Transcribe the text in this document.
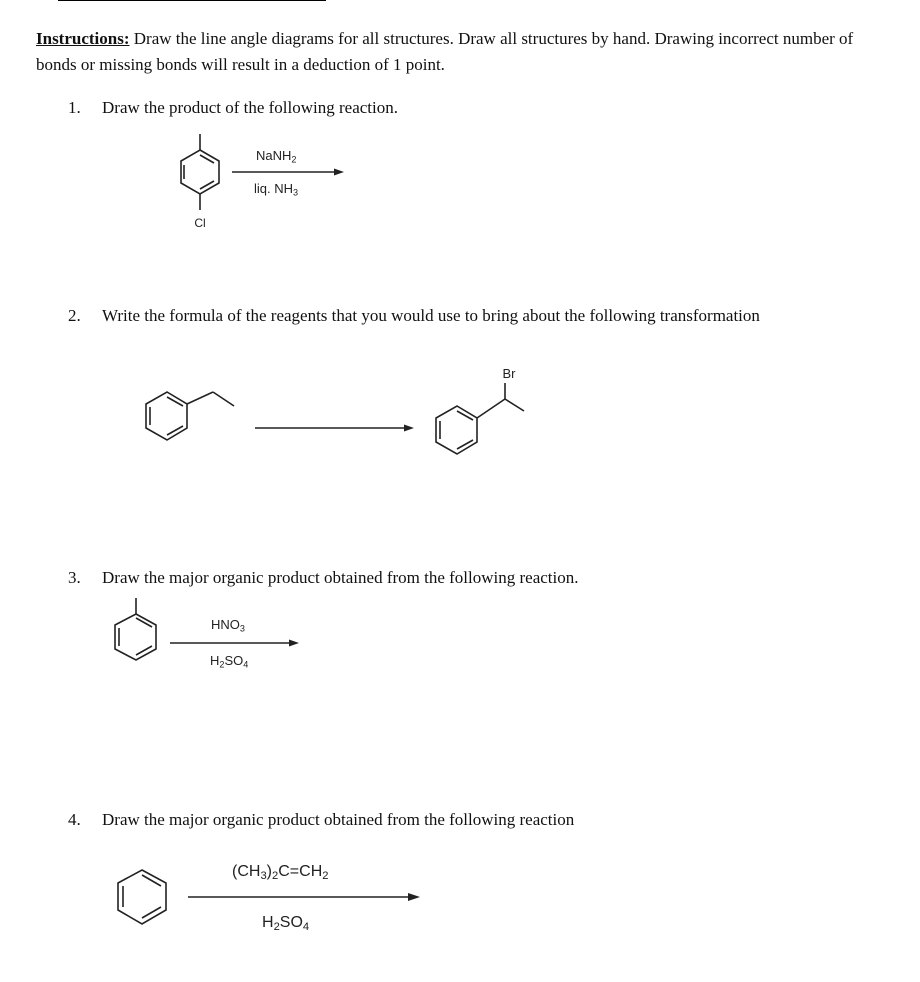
Instructions: Draw the line angle diagrams for all structures. Draw all structures by hand. Drawing incorrect number of bonds or missing bonds will result in a deduction of 1 point.
1. Draw the product of the following reaction.
Cl
NaNH$_2$
liq. $NH_3$
2. Write the formula of the reagents that you would use to bring about the following transformation
Br
3. Draw the major organic product obtained from the following reaction.
$HNO_3$
$H_2SO_4$
4. Draw the major organic product obtained from the following reaction
$(CH_3)_2C=CH_2$
$H_2SO_4$
